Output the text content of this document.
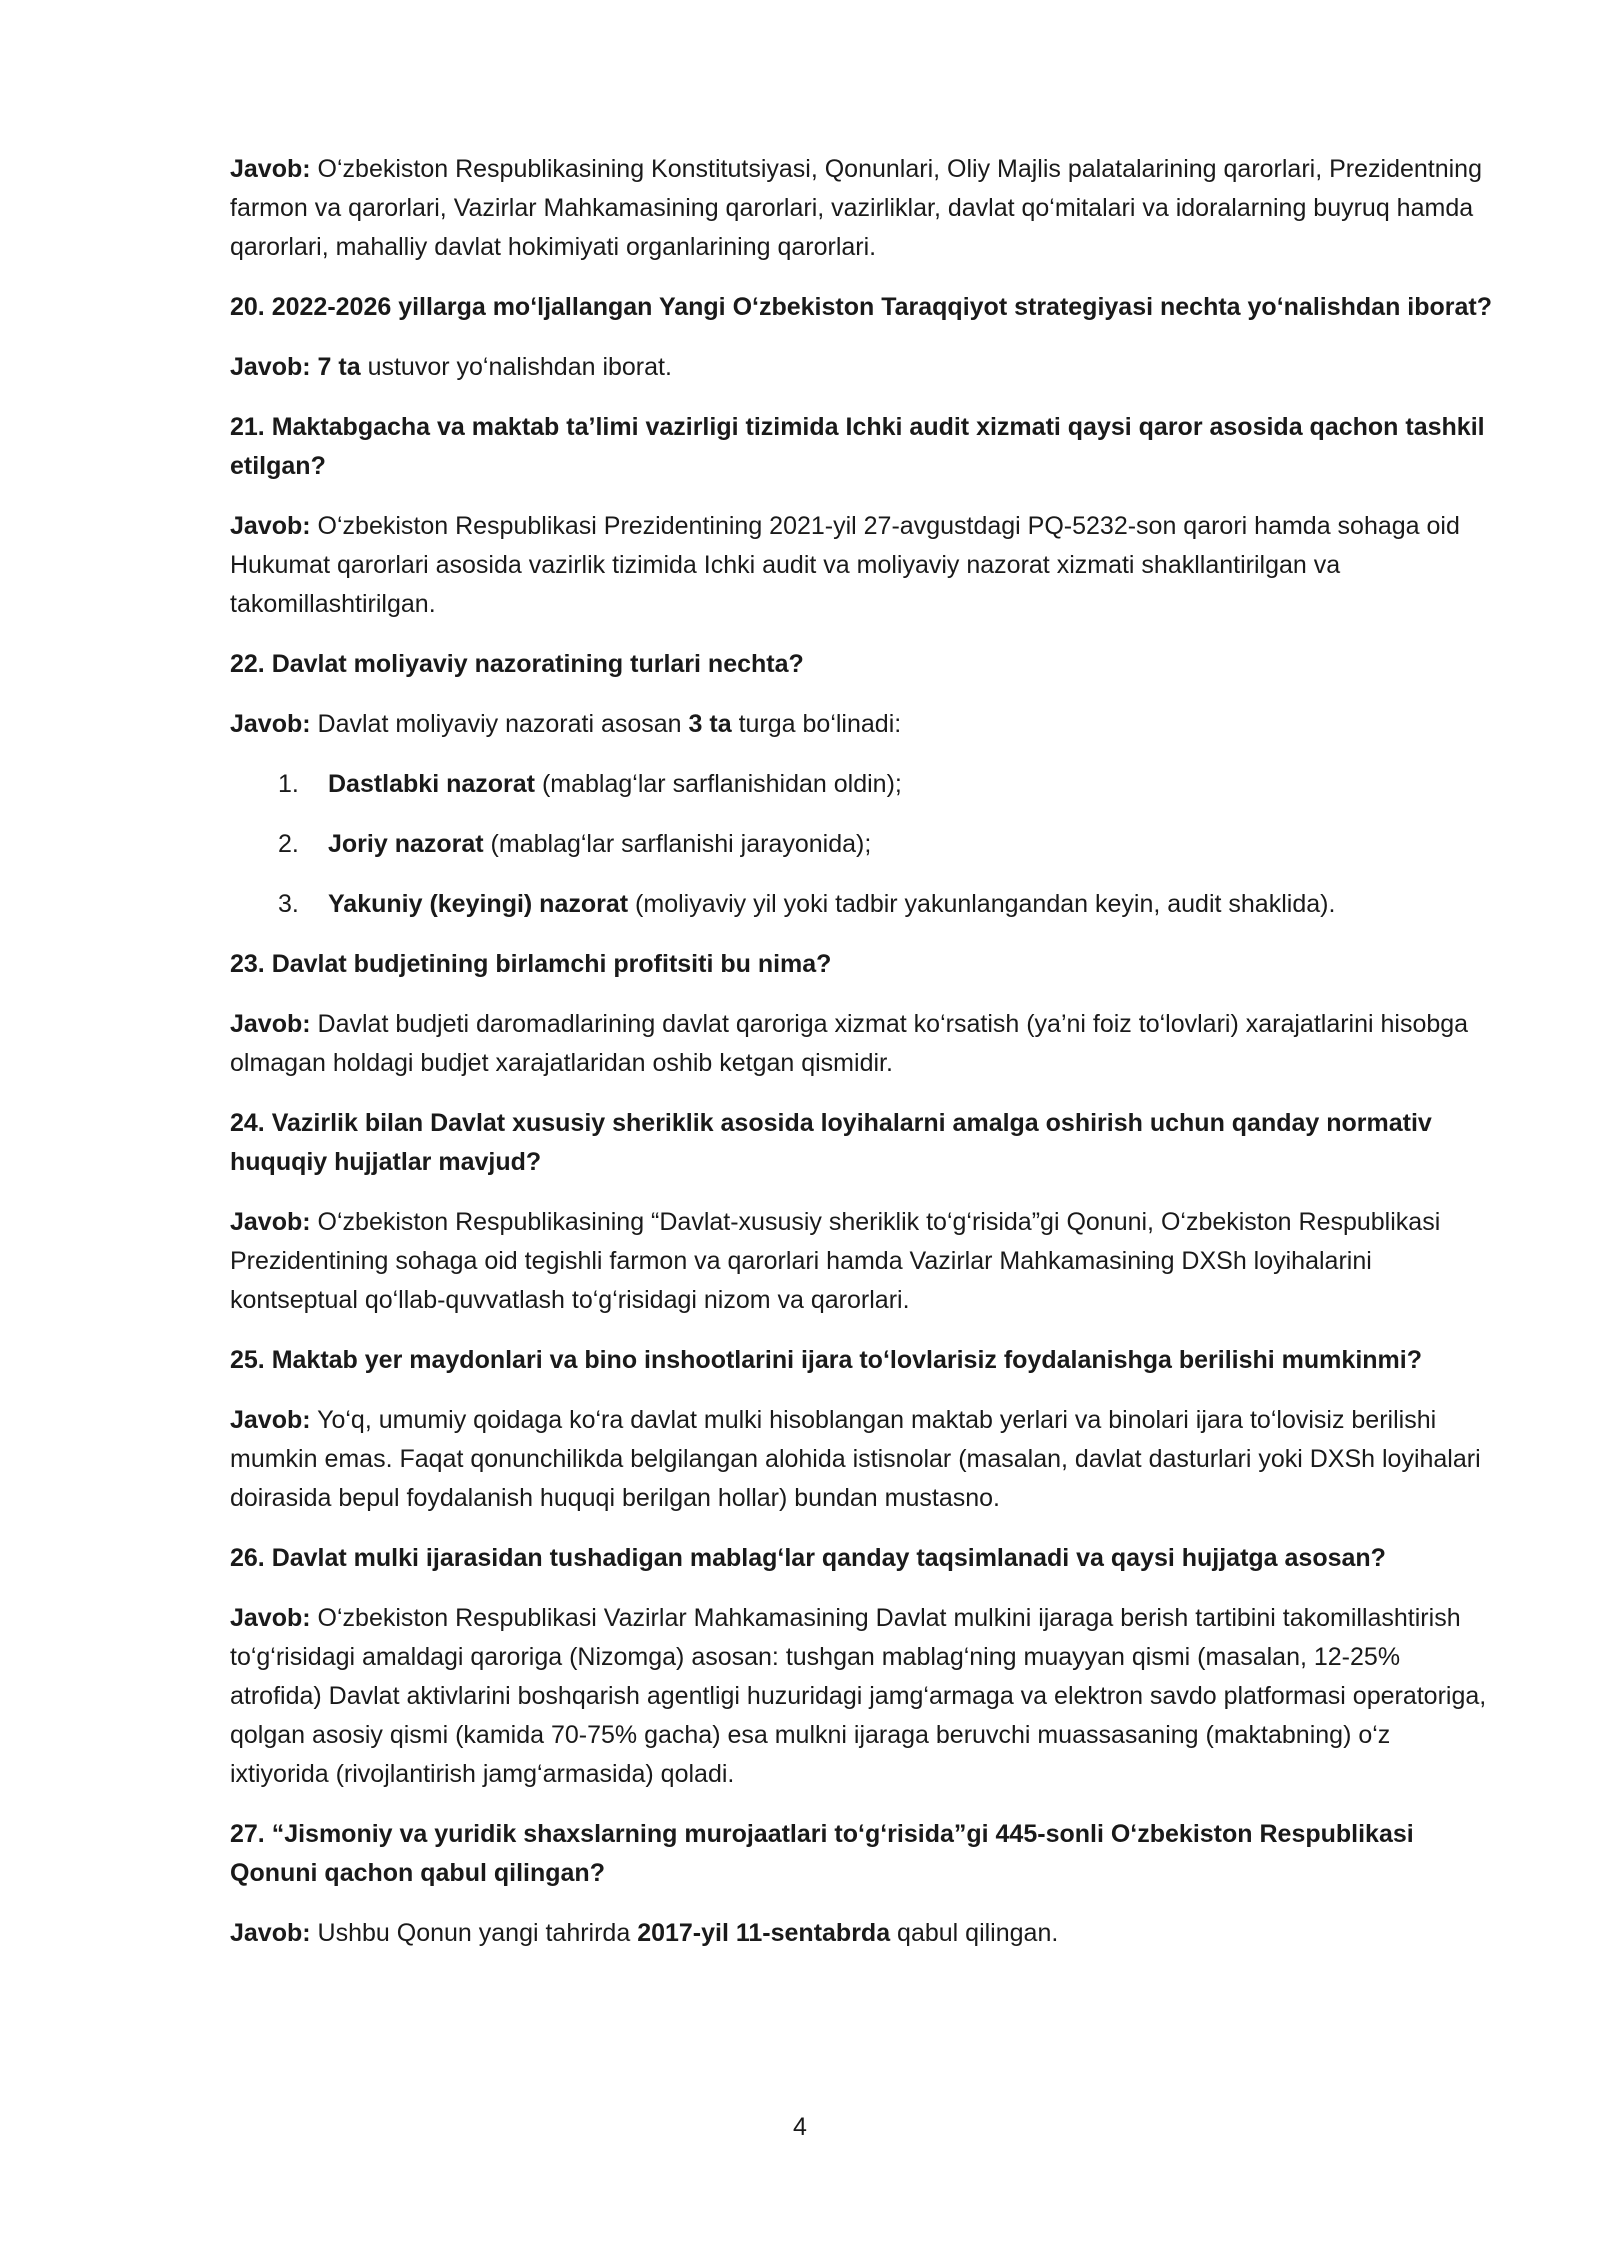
Javob: O‘zbekiston Respublikasining Konstitutsiyasi, Qonunlari, Oliy Majlis palatalarining qarorlari, Prezidentning farmon va qarorlari, Vazirlar Mahkamasining qarorlari, vazirliklar, davlat qo‘mitalari va idoralarning buyruq hamda qarorlari, mahalliy davlat hokimiyati organlarining qarorlari.

20. 2022-2026 yillarga mo‘ljallangan Yangi O‘zbekiston Taraqqiyot strategiyasi nechta yo‘nalishdan iborat?

Javob: 7 ta ustuvor yo‘nalishdan iborat.

21. Maktabgacha va maktab ta’limi vazirligi tizimida Ichki audit xizmati qaysi qaror asosida qachon tashkil etilgan?

Javob: O‘zbekiston Respublikasi Prezidentining 2021-yil 27-avgustdagi PQ-5232-son qarori hamda sohaga oid Hukumat qarorlari asosida vazirlik tizimida Ichki audit va moliyaviy nazorat xizmati shakllantirilgan va takomillashtirilgan.

22. Davlat moliyaviy nazoratining turlari nechta?

Javob: Davlat moliyaviy nazorati asosan 3 ta turga bo‘linadi:

1.	Dastlabki nazorat (mablag‘lar sarflanishidan oldin);
2.	Joriy nazorat (mablag‘lar sarflanishi jarayonida);
3.	Yakuniy (keyingi) nazorat (moliyaviy yil yoki tadbir yakunlangandan keyin, audit shaklida).

23. Davlat budjetining birlamchi profitsiti bu nima?

Javob: Davlat budjeti daromadlarining davlat qaroriga xizmat ko‘rsatish (ya’ni foiz to‘lovlari) xarajatlarini hisobga olmagan holdagi budjet xarajatlaridan oshib ketgan qismidir.

24. Vazirlik bilan Davlat xususiy sheriklik asosida loyihalarni amalga oshirish uchun qanday normativ huquqiy hujjatlar mavjud?

Javob: O‘zbekiston Respublikasining “Davlat-xususiy sheriklik to‘g‘risida”gi Qonuni, O‘zbekiston Respublikasi Prezidentining sohaga oid tegishli farmon va qarorlari hamda Vazirlar Mahkamasining DXSh loyihalarini kontseptual qo‘llab-quvvatlash to‘g‘risidagi nizom va qarorlari.

25. Maktab yer maydonlari va bino inshootlarini ijara to‘lovlarisiz foydalanishga berilishi mumkinmi?

Javob: Yo‘q, umumiy qoidaga ko‘ra davlat mulki hisoblangan maktab yerlari va binolari ijara to‘lovisiz berilishi mumkin emas. Faqat qonunchilikda belgilangan alohida istisnolar (masalan, davlat dasturlari yoki DXSh loyihalari doirasida bepul foydalanish huquqi berilgan hollar) bundan mustasno.

26. Davlat mulki ijarasidan tushadigan mablag‘lar qanday taqsimlanadi va qaysi hujjatga asosan?

Javob: O‘zbekiston Respublikasi Vazirlar Mahkamasining Davlat mulkini ijaraga berish tartibini takomillashtirish to‘g‘risidagi amaldagi qaroriga (Nizomga) asosan: tushgan mablag‘ning muayyan qismi (masalan, 12-25% atrofida) Davlat aktivlarini boshqarish agentligi huzuridagi jamg‘armaga va elektron savdo platformasi operatoriga, qolgan asosiy qismi (kamida 70-75% gacha) esa mulkni ijaraga beruvchi muassasaning (maktabning) o‘z ixtiyorida (rivojlantirish jamg‘armasida) qoladi.

27. “Jismoniy va yuridik shaxslarning murojaatlari to‘g‘risida”gi 445-sonli O‘zbekiston Respublikasi Qonuni qachon qabul qilingan?

Javob: Ushbu Qonun yangi tahrirda 2017-yil 11-sentabrda qabul qilingan.

4
